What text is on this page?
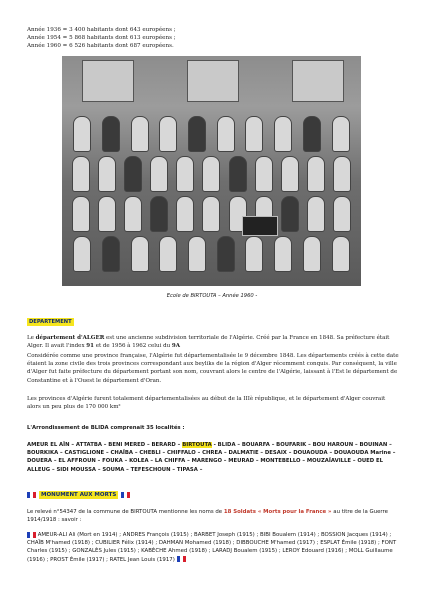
Année 1936 = 3 400 habitants dont 643 européens ;
Année 1954 = 5 868 habitants dont 613 européens ;
Année 1960 = 6 526 habitants dont 687 européens.
Ecole de BIRTOUTA – Année 1960 -
DEPARTEMENT
Le département d'ALGER est une ancienne subdivision territoriale de l'Algérie. Créé par la France en 1848. Sa préfecture était Alger. Il avait l'index 91 et de 1956 à 1962 celui du 9A
Considérée comme une province française, l'Algérie fut départementalisée le 9 décembre 1848. Les départements créés à cette date étaient la zone civile des trois provinces correspondant aux beyliks de la région d'Alger récemment conquis. Par conséquent, la ville d'Alger fut faite préfecture du département portant son nom, couvrant alors le centre de l'Algérie, laissant à l'Est le département de Constantine et à l'Ouest le département d'Oran.
Les provinces d'Algérie furent totalement départementalisées au début de la IIIè république, et le département d'Alger couvrait alors un peu plus de 170 000 km²
L'Arrondissement de BLIDA comprenait 35 localités :
AMEUR EL AÏN – ATTATBA – BENI MERED – BERARD – BIRTOUTA - BLIDA – BOUARFA – BOUFARIK – BOU HAROUN – BOUINAN – BOURKIKA – CASTIGLIONE – CHAÏBA – CHEBLI – CHIFFALO – CHREA – DALMATIE – DESAIX – DOUAOUDA – DOUAOUDA Marine – DOUERA – EL AFFROUN – FOUKA – KOLEA – LA CHIFFA – MARENGO – MEURAD – MONTEBELLO – MOUZAÏAVILLE – OUED EL ALLEUG – SIDI MOUSSA – SOUMA – TEFESCHOUN – TIPASA –
MONUMENT AUX MORTS
Le relevé n°54347 de la commune de BIRTOUTA mentionne les noms de 18 Soldats « Morts pour la France » au titre de la Guerre 1914/1918 : savoir :
AMEUR-ALI Ali (Mort en 1914) ; ANDRES François (1915) ; BARBET Joseph (1915) ; BIBI Boualem (1914) ; BOSSION Jacques (1914) ; CHAÏB M'hamed (1918) ; CUBILIER Félix (1914) ; DAHMAN Mohamed (1918) ; DIBBOUCHE M'hamed (1917) ; ESPLAT Émile (1918) ; FONT Charles (1915) ; GONZALÈS Jules (1915) ; KABÈCHE Ahmed (1918) ; LARADJ Boualem (1915) ; LEROY Edouard (1916) ; MOLL Guillaume (1916) ; PROST Émile (1917) ; RATEL Jean Louis (1917)
